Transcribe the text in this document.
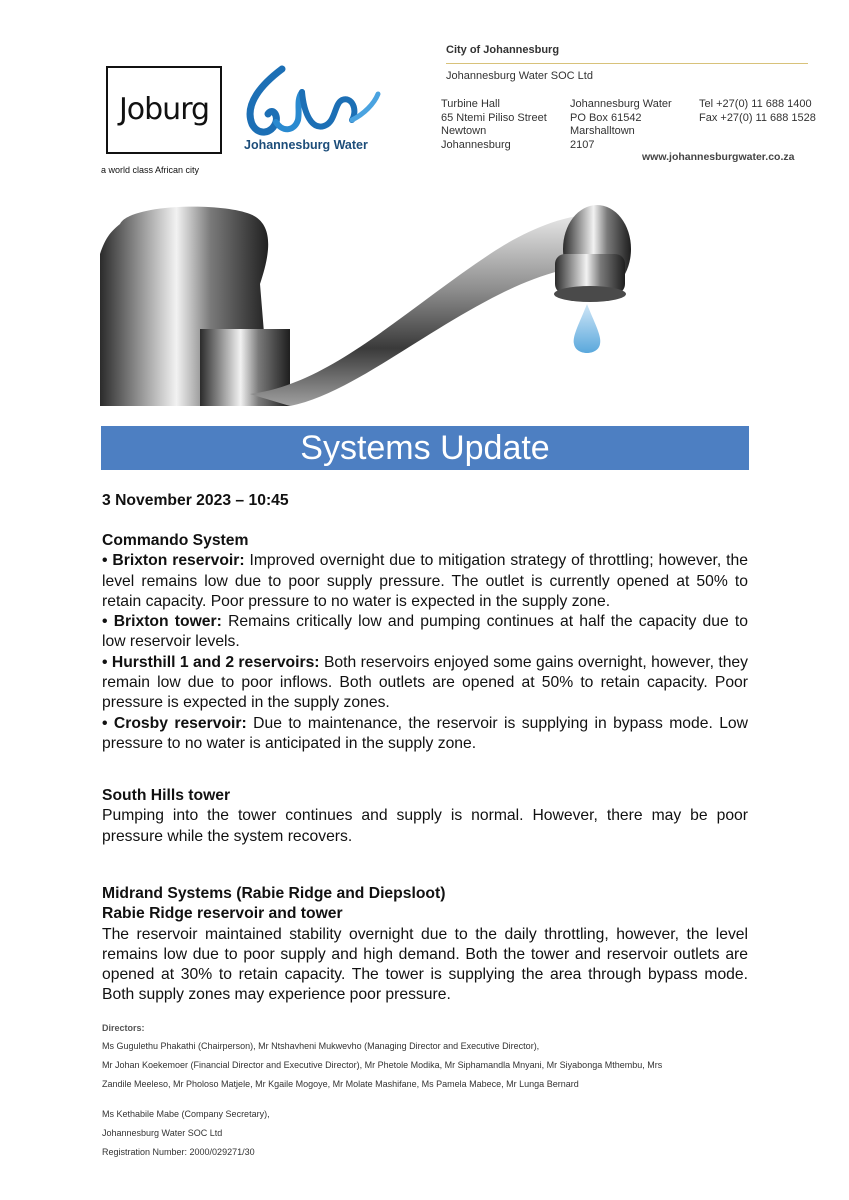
City of Johannesburg
Johannesburg Water SOC Ltd
Turbine Hall
65 Ntemi Piliso Street
Newtown
Johannesburg
Johannesburg Water
PO Box 61542
Marshalltown
2107
Tel +27(0) 11 688 1400
Fax +27(0) 11 688 1528
www.johannesburgwater.co.za
Joburg
a world class African city
Johannesburg Water
Systems Update
3 November 2023 – 10:45
Commando System
• Brixton reservoir: Improved overnight due to mitigation strategy of throttling; however, the level remains low due to poor supply pressure. The outlet is currently opened at 50% to retain capacity. Poor pressure to no water is expected in the supply zone.
• Brixton tower: Remains critically low and pumping continues at half the capacity due to low reservoir levels.
• Hursthill 1 and 2 reservoirs: Both reservoirs enjoyed some gains overnight, however, they remain low due to poor inflows. Both outlets are opened at 50% to retain capacity. Poor pressure is expected in the supply zones.
• Crosby reservoir: Due to maintenance, the reservoir is supplying in bypass mode. Low pressure to no water is anticipated in the supply zone.
South Hills tower
Pumping into the tower continues and supply is normal. However, there may be poor pressure while the system recovers.
Midrand Systems (Rabie Ridge and Diepsloot)
Rabie Ridge reservoir and tower
The reservoir maintained stability overnight due to the daily throttling, however, the level remains low due to poor supply and high demand. Both the tower and reservoir outlets are opened at 30% to retain capacity. The tower is supplying the area through bypass mode. Both supply zones may experience poor pressure.
Directors:
Ms Gugulethu Phakathi (Chairperson), Mr Ntshavheni Mukwevho (Managing Director and Executive Director),
Mr Johan Koekemoer (Financial Director and Executive Director), Mr Phetole Modika, Mr Siphamandla Mnyani, Mr Siyabonga Mthembu, Mrs
Zandile Meeleso, Mr Pholoso Matjele, Mr Kgaile Mogoye, Mr Molate Mashifane, Ms Pamela Mabece, Mr Lunga Bernard
Ms Kethabile Mabe (Company Secretary),
Johannesburg Water SOC Ltd
Registration Number: 2000/029271/30
